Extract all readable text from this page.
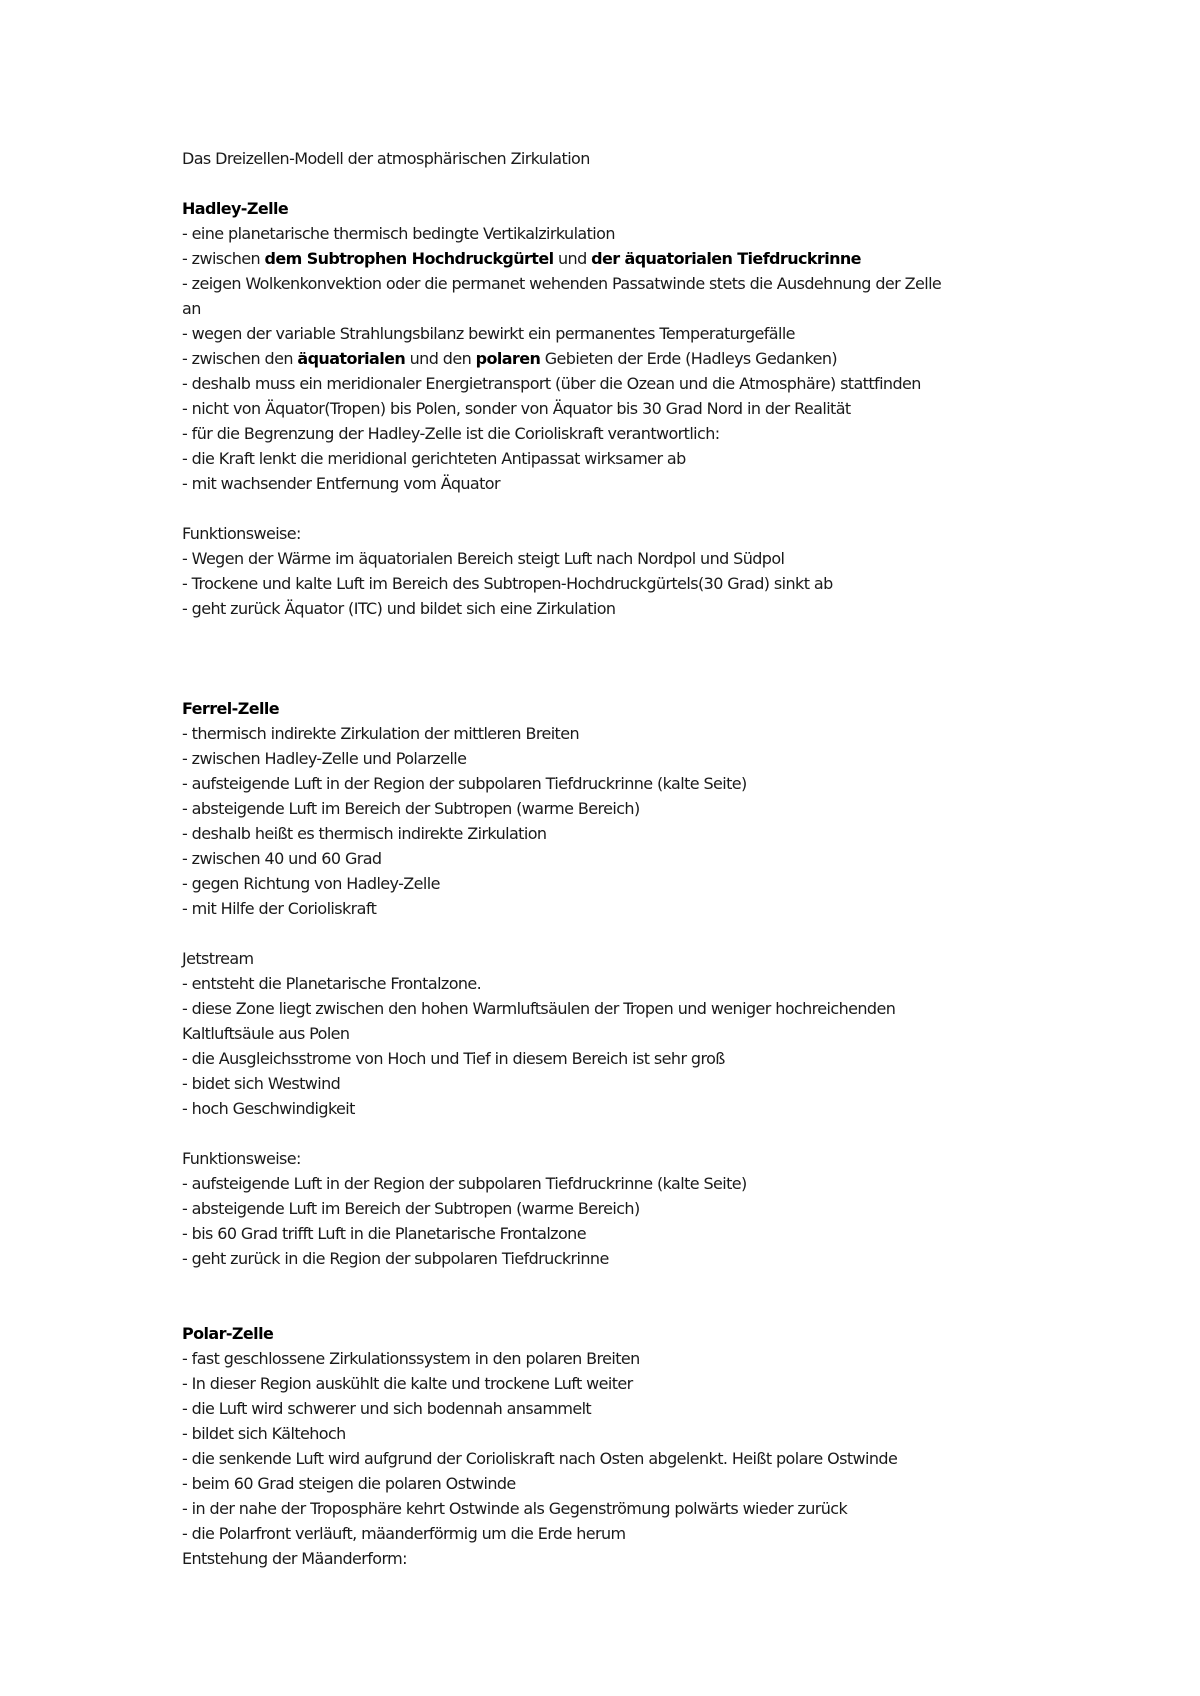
Das Dreizellen-Modell der atmosphärischen Zirkulation

Hadley-Zelle

- eine planetarische thermisch bedingte Vertikalzirkulation

- zwischen dem Subtrophen Hochdruckgürtel und der äquatorialen Tiefdruckrinne

- zeigen Wolkenkonvektion oder die permanet wehenden Passatwinde stets die Ausdehnung der Zelle

an

- wegen der variable Strahlungsbilanz bewirkt ein permanentes Temperaturgefälle

- zwischen den äquatorialen und den polaren Gebieten der Erde (Hadleys Gedanken)

- deshalb muss ein meridionaler Energietransport (über die Ozean und die Atmosphäre) stattfinden

- nicht von Äquator(Tropen) bis Polen, sonder von Äquator bis 30 Grad Nord in der Realität

- für die Begrenzung der Hadley-Zelle ist die Corioliskraft verantwortlich:

- die Kraft lenkt die meridional gerichteten Antipassat wirksamer ab

- mit wachsender Entfernung vom Äquator

Funktionsweise:

- Wegen der Wärme im äquatorialen Bereich steigt Luft nach Nordpol und Südpol

- Trockene und kalte Luft im Bereich des Subtropen-Hochdruckgürtels(30 Grad) sinkt ab

- geht zurück Äquator (ITC) und bildet sich eine Zirkulation

Ferrel-Zelle

- thermisch indirekte Zirkulation der mittleren Breiten

- zwischen Hadley-Zelle und Polarzelle

- aufsteigende Luft in der Region der subpolaren Tiefdruckrinne (kalte Seite)

- absteigende Luft im Bereich der Subtropen (warme Bereich)

- deshalb heißt es thermisch indirekte Zirkulation

- zwischen 40 und 60 Grad

- gegen Richtung von Hadley-Zelle

- mit Hilfe der Corioliskraft

Jetstream

- entsteht die Planetarische Frontalzone.

- diese Zone liegt zwischen den hohen Warmluftsäulen der Tropen und weniger hochreichenden

Kaltluftsäule aus Polen

- die Ausgleichsstrome von Hoch und Tief in diesem Bereich ist sehr groß

- bidet sich Westwind

- hoch Geschwindigkeit

Funktionsweise:

- aufsteigende Luft in der Region der subpolaren Tiefdruckrinne (kalte Seite)

- absteigende Luft im Bereich der Subtropen (warme Bereich)

- bis 60 Grad trifft Luft in die Planetarische Frontalzone

- geht zurück in die Region der subpolaren Tiefdruckrinne

Polar-Zelle

- fast geschlossene Zirkulationssystem in den polaren Breiten

- In dieser Region auskühlt die kalte und trockene Luft weiter

- die Luft wird schwerer und sich bodennah ansammelt

- bildet sich Kältehoch

- die senkende Luft wird aufgrund der Corioliskraft nach Osten abgelenkt. Heißt polare Ostwinde

- beim 60 Grad steigen die polaren Ostwinde

- in der nahe der Troposphäre kehrt Ostwinde als Gegenströmung polwärts wieder zurück

- die Polarfront verläuft, mäanderförmig um die Erde herum

Entstehung der Mäanderform:
